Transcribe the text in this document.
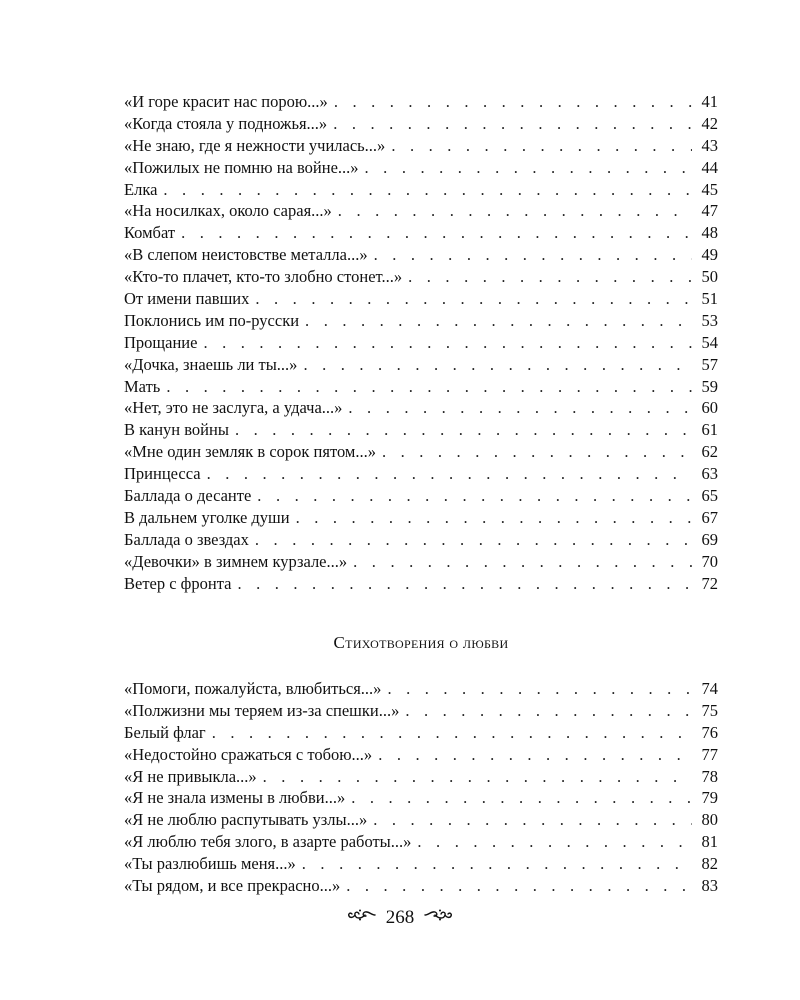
«И горе красит нас порою...» . . .	41
«Когда стояла у подножья...» . . .	42
«Не знаю, где я нежности училась...» . . .	43
«Пожилых не помню на войне...» . . .	44
Елка . . .	45
«На носилках, около сарая...» . . .	47
Комбат . . .	48
«В слепом неистовстве металла...» . . .	49
«Кто-то плачет, кто-то злобно стонет...» . . .	50
От имени павших . . .	51
Поклонись им по-русски . . .	53
Прощание . . .	54
«Дочка, знаешь ли ты...» . . .	57
Мать . . .	59
«Нет, это не заслуга, а удача...» . . .	60
В канун войны . . .	61
«Мне один земляк в сорок пятом...» . . .	62
Принцесса . . .	63
Баллада о десанте . . .	65
В дальнем уголке души . . .	67
Баллада о звездах . . .	69
«Девочки» в зимнем курзале...» . . .	70
Ветер с фронта . . .	72
Стихотворения о любви
«Помоги, пожалуйста, влюбиться...» . . .	74
«Полжизни мы теряем из-за спешки...» . . .	75
Белый флаг . . .	76
«Недостойно сражаться с тобою...» . . .	77
«Я не привыкла...» . . .	78
«Я не знала измены в любви...» . . .	79
«Я не люблю распутывать узлы...» . . .	80
«Я люблю тебя злого, в азарте работы...» . . .	81
«Ты разлюбишь меня...» . . .	82
«Ты рядом, и все прекрасно...» . . .	83
268
